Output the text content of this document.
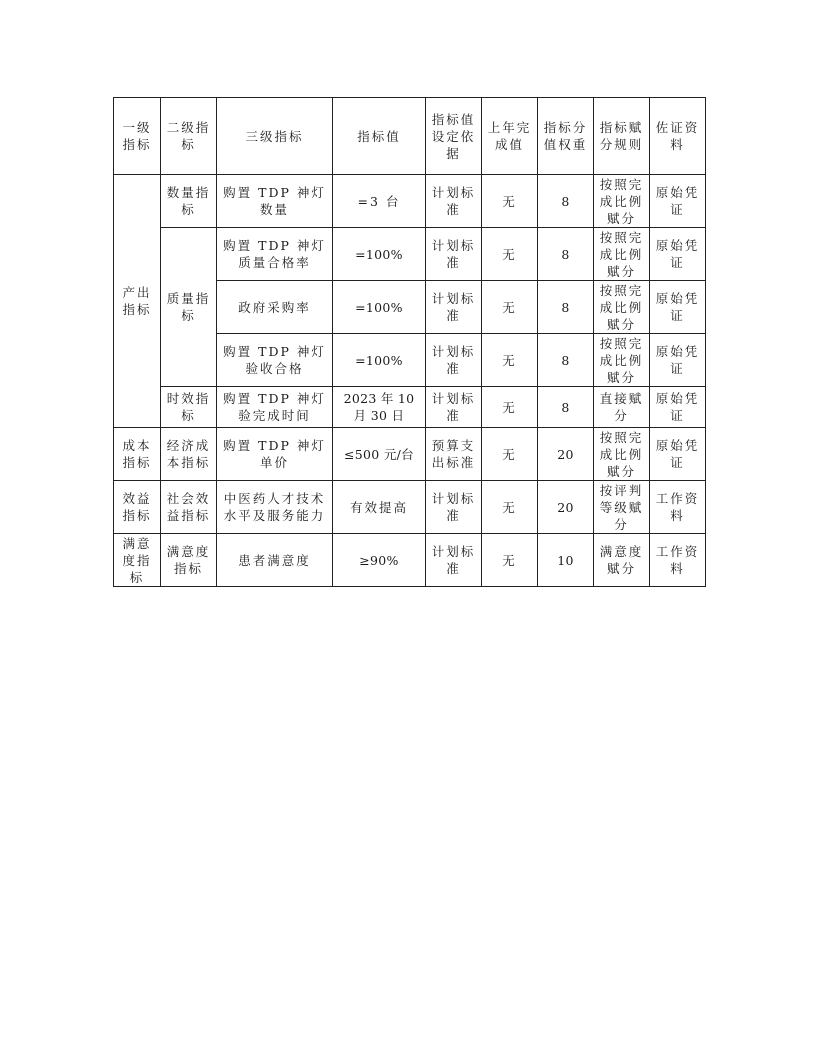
一级指标	二级指标	三级指标	指标值	指标值设定依据	上年完成值	指标分值权重	指标赋分规则	佐证资料
产出指标	数量指标	购置 TDP 神灯数量	=3 台	计划标准	无	8	按照完成比例赋分	原始凭证
	质量指标	购置 TDP 神灯质量合格率	=100%	计划标准	无	8	按照完成比例赋分	原始凭证
		政府采购率	=100%	计划标准	无	8	按照完成比例赋分	原始凭证
		购置 TDP 神灯验收合格	=100%	计划标准	无	8	按照完成比例赋分	原始凭证
	时效指标	购置 TDP 神灯验完成时间	2023 年 10 月 30 日	计划标准	无	8	直接赋分	原始凭证
成本指标	经济成本指标	购置 TDP 神灯单价	≤500 元/台	预算支出标准	无	20	按照完成比例赋分	原始凭证
效益指标	社会效益指标	中医药人才技术水平及服务能力	有效提高	计划标准	无	20	按评判等级赋分	工作资料
满意度指标	满意度指标	患者满意度	≥90%	计划标准	无	10	满意度赋分	工作资料
